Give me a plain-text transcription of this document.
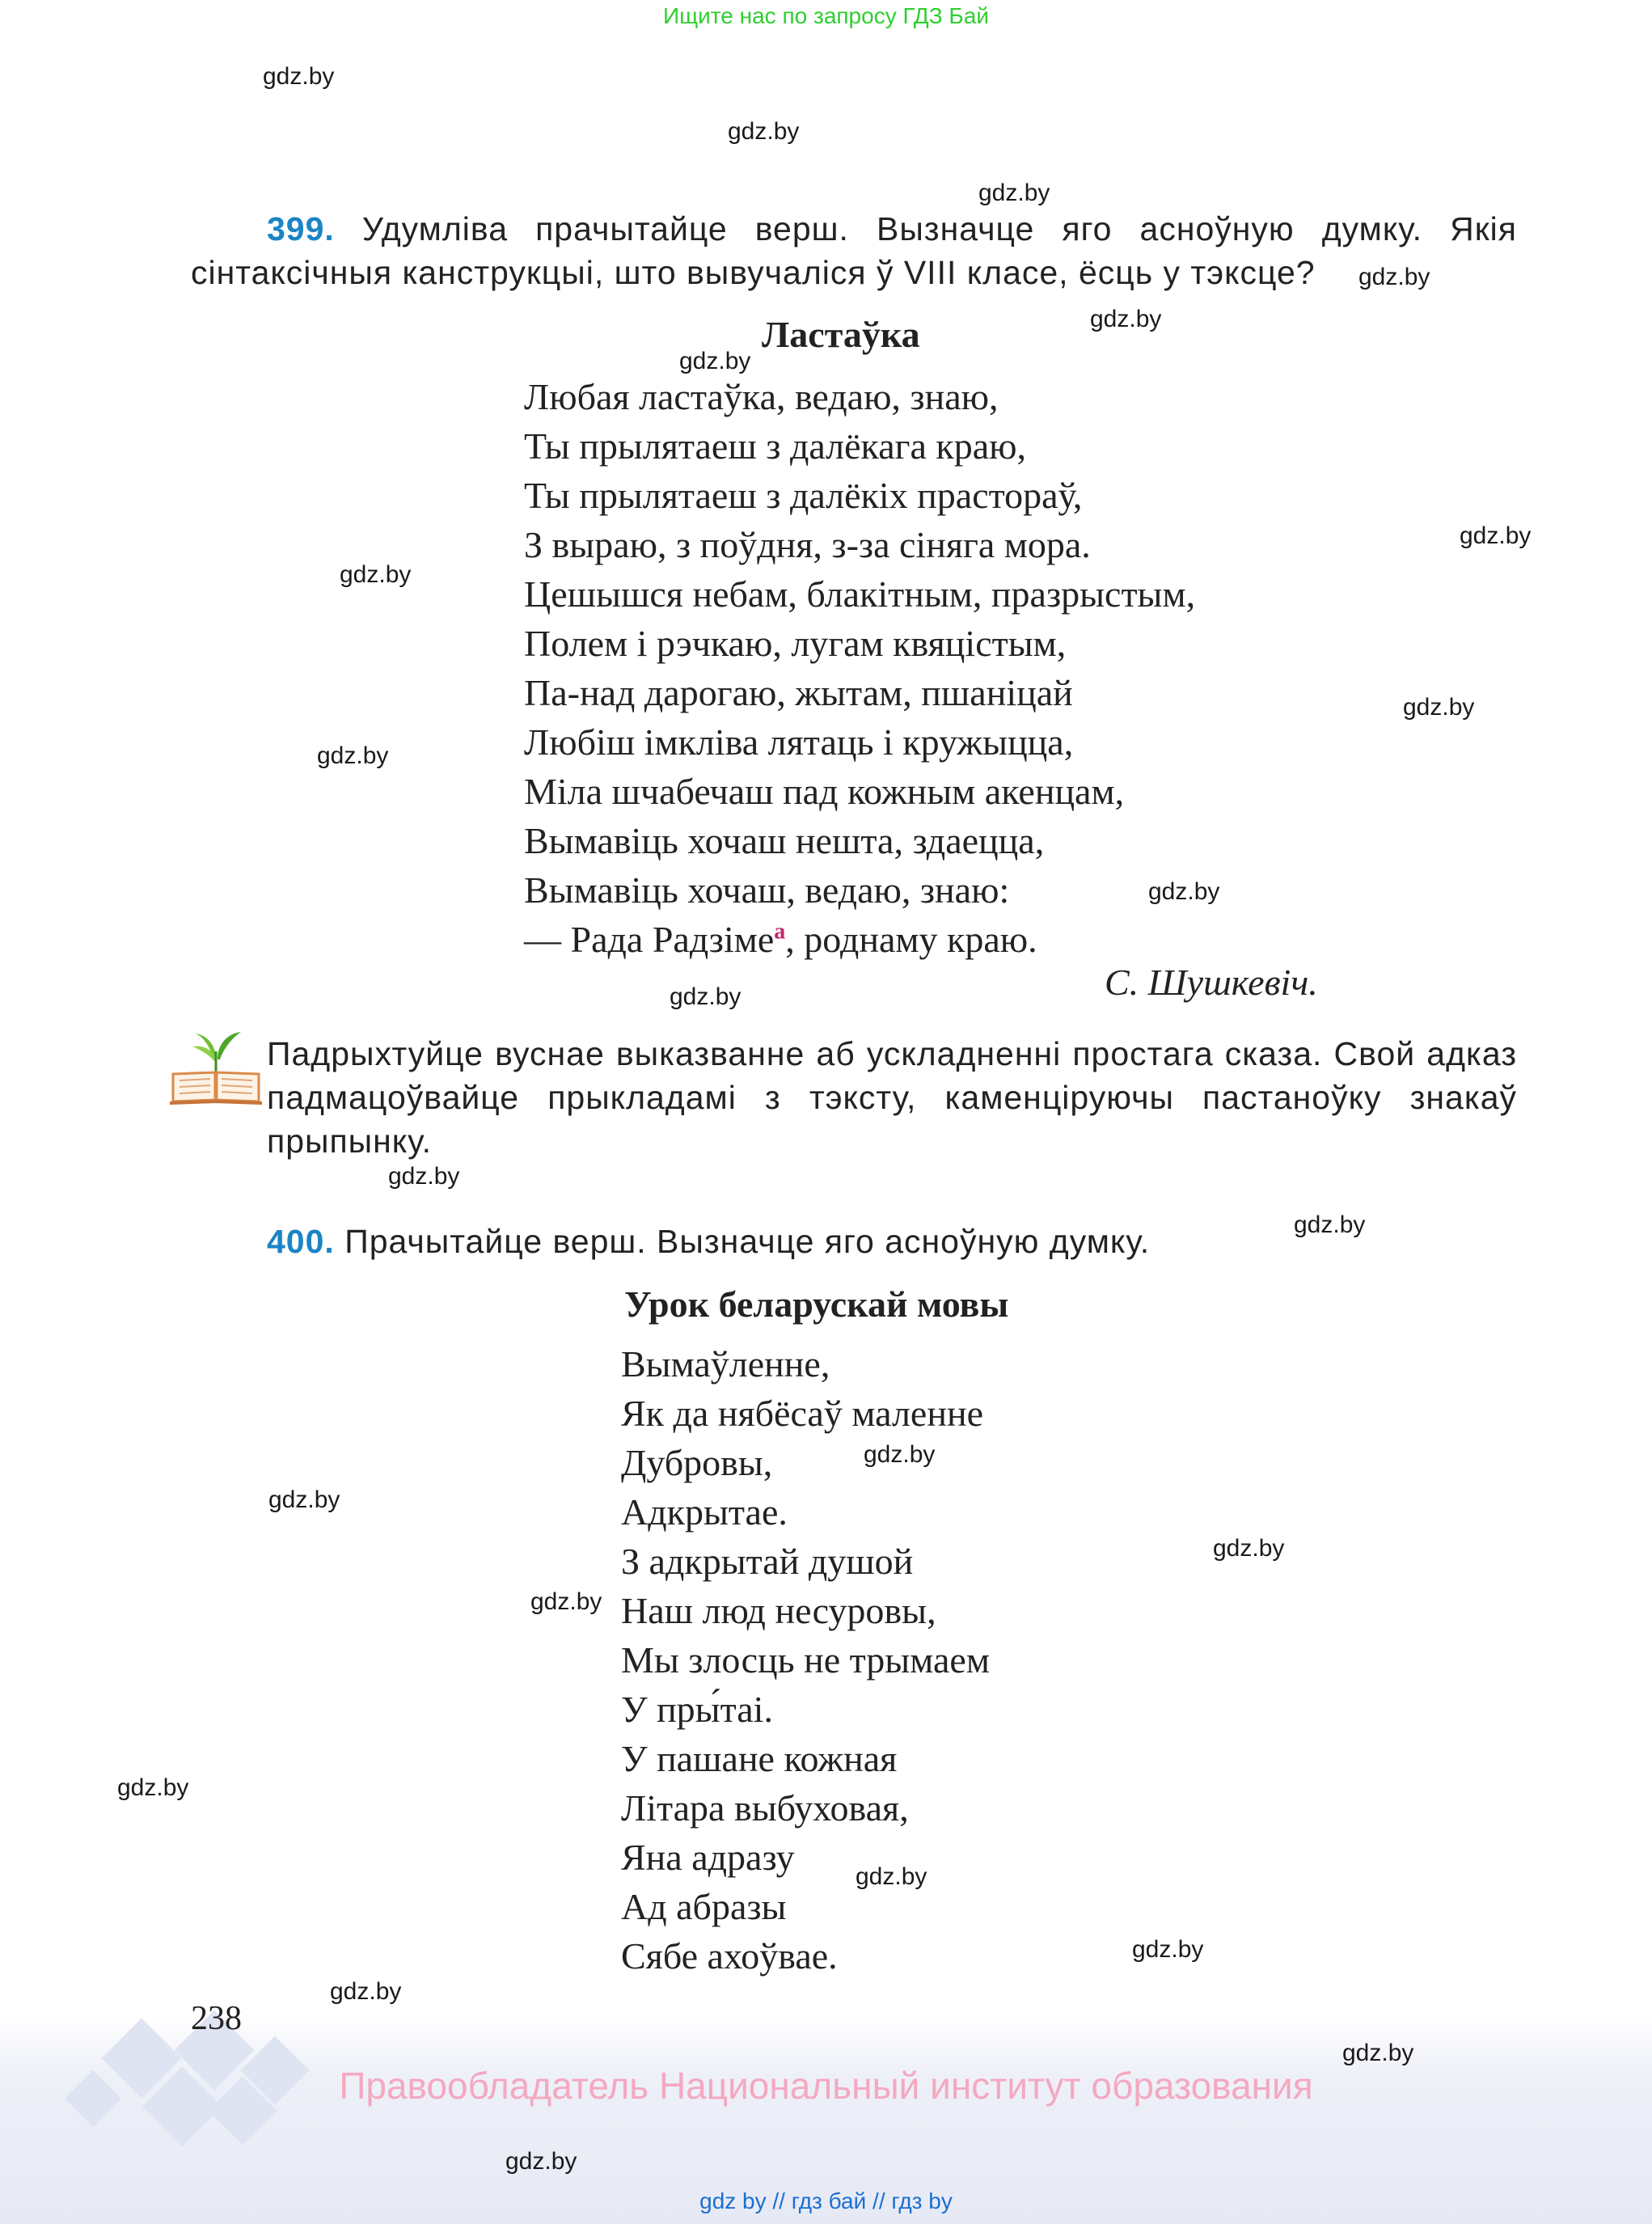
Ищите нас по запросу ГДЗ Бай
gdz.by
gdz.by
gdz.by
gdz.by
gdz.by
gdz.by
gdz.by
gdz.by
gdz.by
gdz.by
gdz.by
gdz.by
gdz.by
gdz.by
gdz.by
gdz.by
gdz.by
gdz.by
gdz.by
gdz.by
gdz.by
gdz.by
gdz.by
gdz.by
399. Удумліва прачытайце верш. Вызначце яго асноўную думку. Якія сінтаксічныя канструкцыі, што вывучаліся ў VIII класе, ёсць у тэксце?
Ластаўка
Любая ластаўка, ведаю, знаю,
Ты прылятаеш з далёкага краю,
Ты прылятаеш з далёкіх пpастораў,
З выраю, з поўдня, з-за сіняга мора.
Цешышся небам, блакітным, празрыстым,
Полем і рэчкаю, лугам квяцістым,
Па-над дарогаю, жытам, пшаніцай
Любіш імкліва лятаць і кружыцца,
Міла шчабечаш пад кожным акенцам,
Вымавіць хочаш нешта, здаецца,
Вымавіць хочаш, ведаю, знаю:
— Рада Радзіме$^а$, роднаму краю.
С. Шушкевіч.
Падрыхтуйце вуснае выказванне аб ускладненні простага сказа. Свой адказ падмацоўвайце прыкладамі з тэксту, каменціруючы пастаноўку знакаў прыпынку.
400. Прачытайце верш. Вызначце яго асноўную думку.
Урок беларускай мовы
Вымаўленне,
Як да нябёсаў маленне
Дубровы,
Адкрытае.
З адкрытай душой
Наш люд несуровы,
Мы злосць не трымаем
У пры́таі.
У пашане кожная
Літара выбуховая,
Яна адразу
Ад абразы
Сябе ахоўвае.
238
Правообладатель Национальный институт образования
gdz by // гдз бай // гдз by
